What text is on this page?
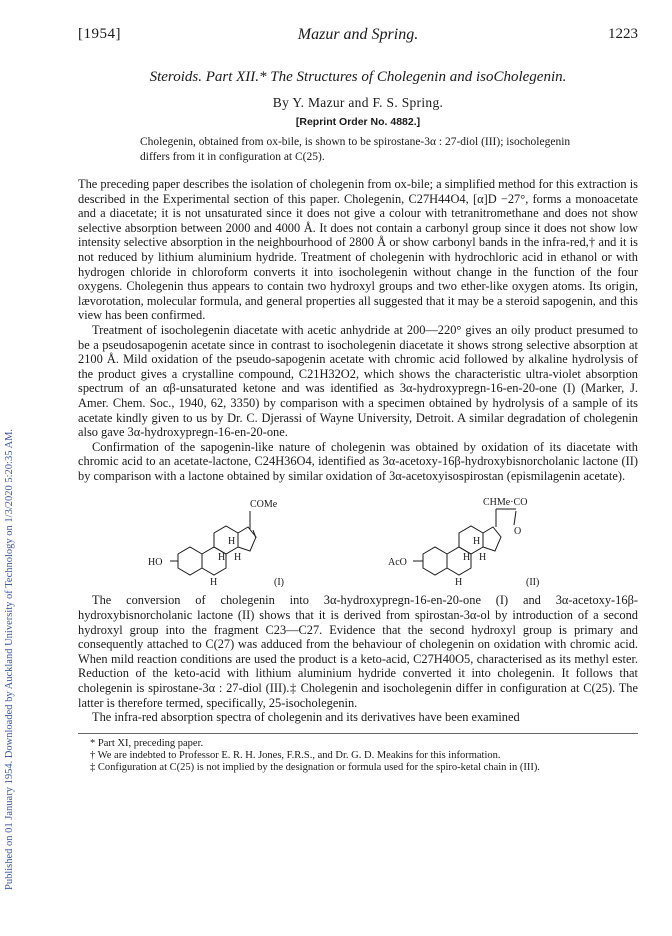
Published on 01 January 1954. Downloaded by Auckland University of Technology on 1/3/2020 5:20:35 AM.
[1954]	Mazur and Spring.	1223
Steroids. Part XII.* The Structures of Cholegenin and isoCholegenin.
By Y. Mazur and F. S. Spring.
[Reprint Order No. 4882.]
Cholegenin, obtained from ox-bile, is shown to be spirostane-3α : 27-diol (III); isocholegenin differs from it in configuration at C(25).

The preceding paper describes the isolation of cholegenin from ox-bile; a simplified method for this extraction is described in the Experimental section of this paper. Cholegenin, C27H44O4, [α]D −27°, forms a monoacetate and a diacetate; it is not unsaturated since it does not give a colour with tetranitromethane and does not show selective absorption between 2000 and 4000 Å. It does not contain a carbonyl group since it does not show low intensity selective absorption in the neighbourhood of 2800 Å or show carbonyl bands in the infra-red,† and it is not reduced by lithium aluminium hydride. Treatment of cholegenin with hydrochloric acid in ethanol or with hydrogen chloride in chloroform converts it into isocholegenin without change in the function of the four oxygens. Cholegenin thus appears to contain two hydroxyl groups and two ether-like oxygen atoms. Its origin, lævorotation, molecular formula, and general properties all suggested that it may be a steroid sapogenin, and this view has been confirmed.

Treatment of isocholegenin diacetate with acetic anhydride at 200—220° gives an oily product presumed to be a pseudosapogenin acetate since in contrast to isocholegenin diacetate it shows strong selective absorption at 2100 Å. Mild oxidation of the pseudo-sapogenin acetate with chromic acid followed by alkaline hydrolysis of the product gives a crystalline compound, C21H32O2, which shows the characteristic ultra-violet absorption spectrum of an αβ-unsaturated ketone and was identified as 3α-hydroxypregn-16-en-20-one (I) (Marker, J. Amer. Chem. Soc., 1940, 62, 3350) by comparison with a specimen obtained by hydrolysis of a sample of its acetate kindly given to us by Dr. C. Djerassi of Wayne University, Detroit. A similar degradation of cholegenin also gave 3α-hydroxypregn-16-en-20-one.

Confirmation of the sapogenin-like nature of cholegenin was obtained by oxidation of its diacetate with chromic acid to an acetate-lactone, C24H36O4, identified as 3α-acetoxy-16β-hydroxybisnorcholanic lactone (II) by comparison with a lactone obtained by similar oxidation of 3α-acetoxyisospirostan (epismilagenin acetate).

COMe
HO
H
H H
H	(I)
CHMe·CO
O
AcO
H
H H
H	(II)

The conversion of cholegenin into 3α-hydroxypregn-16-en-20-one (I) and 3α-acetoxy-16β-hydroxybisnorcholanic lactone (II) shows that it is derived from spirostan-3α-ol by introduction of a second hydroxyl group into the fragment C23—C27. Evidence that the second hydroxyl group is primary and consequently attached to C(27) was adduced from the behaviour of cholegenin on oxidation with chromic acid. When mild reaction conditions are used the product is a keto-acid, C27H40O5, characterised as its methyl ester. Reduction of the keto-acid with lithium aluminium hydride converted it into cholegenin. It follows that cholegenin is spirostane-3α : 27-diol (III).‡ Cholegenin and isocholegenin differ in configuration at C(25). The latter is therefore termed, specifically, 25-isocholegenin.

The infra-red absorption spectra of cholegenin and its derivatives have been examined

* Part XI, preceding paper.
† We are indebted to Professor E. R. H. Jones, F.R.S., and Dr. G. D. Meakins for this information.
‡ Configuration at C(25) is not implied by the designation or formula used for the spiro-ketal chain in (III).
